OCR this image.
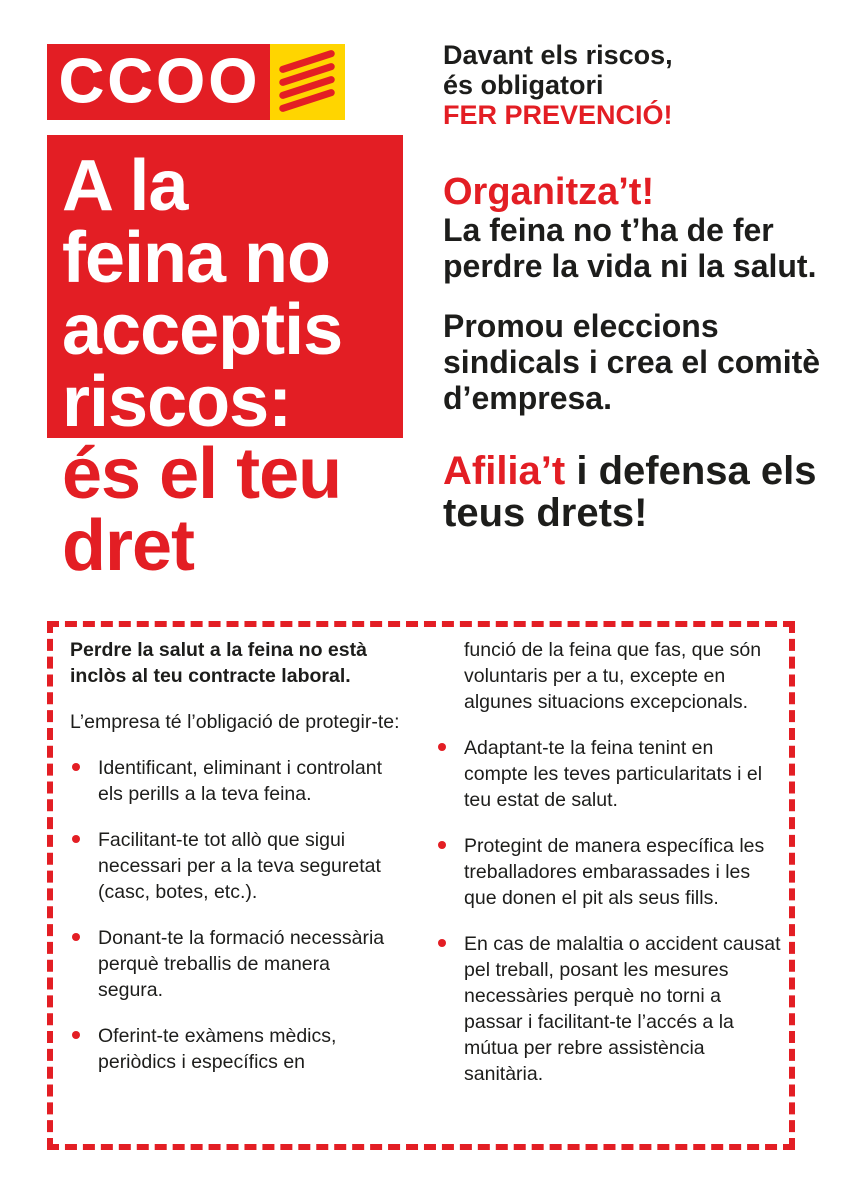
CCOO
A la
feina no
acceptis
riscos:
és el teu
dret

Davant els riscos,
és obligatori
FER PREVENCIÓ!

Organitza’t!

La feina no t’ha de fer perdre la vida ni la salut.

Promou eleccions sindicals i crea el comitè d’empresa.

Afilia’t i defensa els teus drets!

Perdre la salut a la feina no està inclòs al teu contracte laboral.

L’empresa té l’obligació de protegir-te:

Identificant, eliminant i controlant els perills a la teva feina.
Facilitant-te tot allò que sigui necessari per a la teva seguretat (casc, botes, etc.).
Donant-te la formació necessària perquè treballis de manera segura.
Oferint-te exàmens mèdics, periòdics i específics en
funció de la feina que fas, que són voluntaris per a tu, excepte en algunes situacions excepcionals.
Adaptant-te la feina tenint en compte les teves particularitats i el teu estat de salut.
Protegint de manera específica les treballadores embarassades i les que donen el pit als seus fills.
En cas de malaltia o accident causat pel treball, posant les mesures necessàries perquè no torni a passar i facilitant-te l’accés a la mútua per rebre assistència sanitària.
